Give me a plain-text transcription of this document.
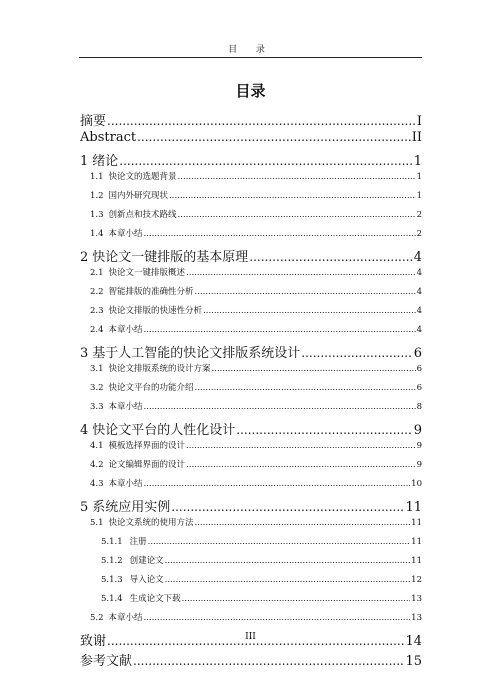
目 录
目录
摘要 .....	I
Abstract .....	II
1 绪论 .....	1
1.1 快论文的选题背景 .....	1
1.2 国内外研究现状 .....	1
1.3 创新点和技术路线 .....	2
1.4 本章小结 .....	2
2 快论文一键排版的基本原理 .....	4
2.1 快论文一键排版概述 .....	4
2.2 智能排版的准确性分析 .....	4
2.3 快论文排版的快速性分析 .....	4
2.4 本章小结 .....	4
3 基于人工智能的快论文排版系统设计 .....	6
3.1 快论文排版系统的设计方案 .....	6
3.2 快论文平台的功能介绍 .....	6
3.3 本章小结 .....	8
4 快论文平台的人性化设计 .....	9
4.1 模板选择界面的设计 .....	9
4.2 论文编辑界面的设计 .....	9
4.3 本章小结 .....	10
5 系统应用实例 .....	11
5.1 快论文系统的使用方法 .....	11
5.1.1 注册 .....	11
5.1.2 创建论文 .....	11
5.1.3 导入论文 .....	12
5.1.4 生成论文下载 .....	13
5.2 本章小结 .....	13
致谢 .....	14
参考文献 .....	15
III
